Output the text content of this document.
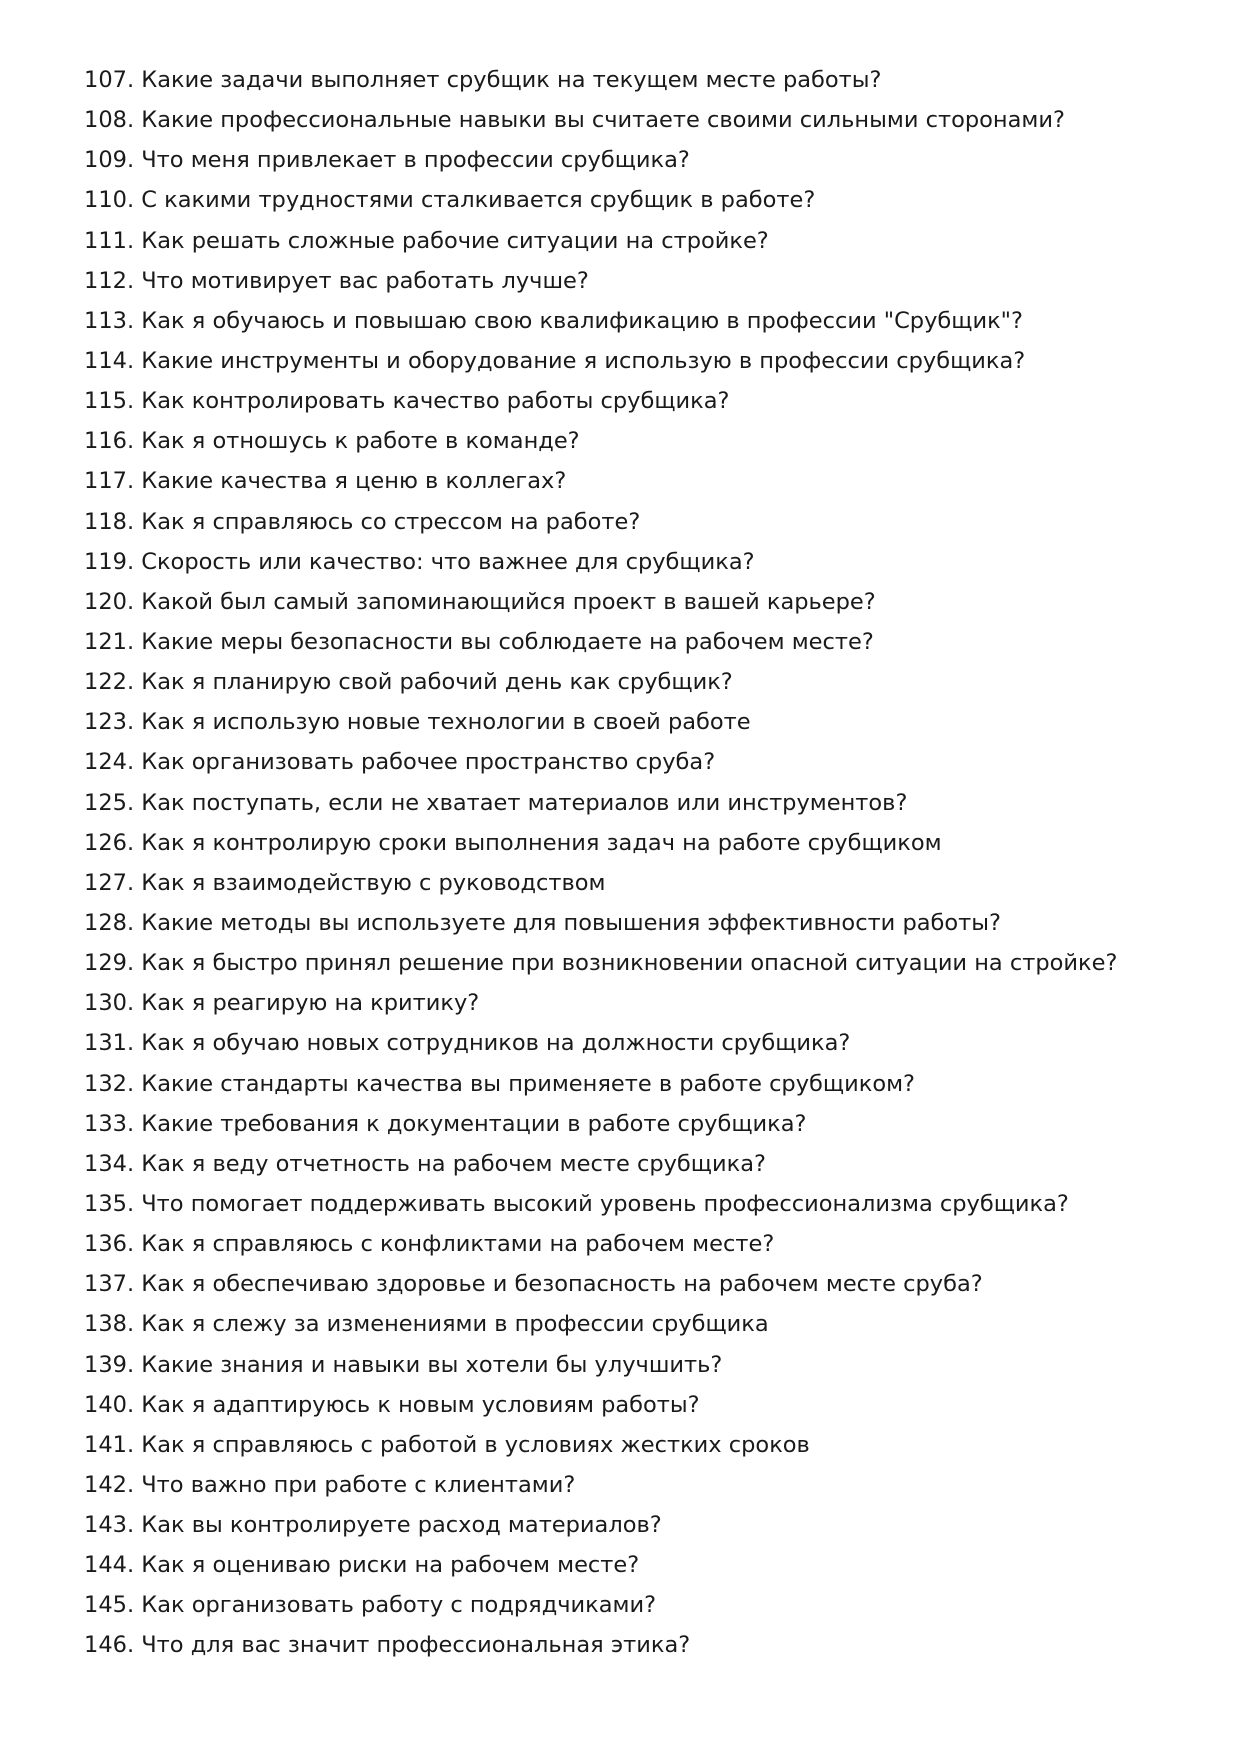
107. Какие задачи выполняет срубщик на текущем месте работы?
108. Какие профессиональные навыки вы считаете своими сильными сторонами?
109. Что меня привлекает в профессии срубщика?
110. С какими трудностями сталкивается срубщик в работе?
111. Как решать сложные рабочие ситуации на стройке?
112. Что мотивирует вас работать лучше?
113. Как я обучаюсь и повышаю свою квалификацию в профессии "Срубщик"?
114. Какие инструменты и оборудование я использую в профессии срубщика?
115. Как контролировать качество работы срубщика?
116. Как я отношусь к работе в команде?
117. Какие качества я ценю в коллегах?
118. Как я справляюсь со стрессом на работе?
119. Скорость или качество: что важнее для срубщика?
120. Какой был самый запоминающийся проект в вашей карьере?
121. Какие меры безопасности вы соблюдаете на рабочем месте?
122. Как я планирую свой рабочий день как срубщик?
123. Как я использую новые технологии в своей работе
124. Как организовать рабочее пространство сруба?
125. Как поступать, если не хватает материалов или инструментов?
126. Как я контролирую сроки выполнения задач на работе срубщиком
127. Как я взаимодействую с руководством
128. Какие методы вы используете для повышения эффективности работы?
129. Как я быстро принял решение при возникновении опасной ситуации на стройке?
130. Как я реагирую на критику?
131. Как я обучаю новых сотрудников на должности срубщика?
132. Какие стандарты качества вы применяете в работе срубщиком?
133. Какие требования к документации в работе срубщика?
134. Как я веду отчетность на рабочем месте срубщика?
135. Что помогает поддерживать высокий уровень профессионализма срубщика?
136. Как я справляюсь с конфликтами на рабочем месте?
137. Как я обеспечиваю здоровье и безопасность на рабочем месте сруба?
138. Как я слежу за изменениями в профессии срубщика
139. Какие знания и навыки вы хотели бы улучшить?
140. Как я адаптируюсь к новым условиям работы?
141. Как я справляюсь с работой в условиях жестких сроков
142. Что важно при работе с клиентами?
143. Как вы контролируете расход материалов?
144. Как я оцениваю риски на рабочем месте?
145. Как организовать работу с подрядчиками?
146. Что для вас значит профессиональная этика?
